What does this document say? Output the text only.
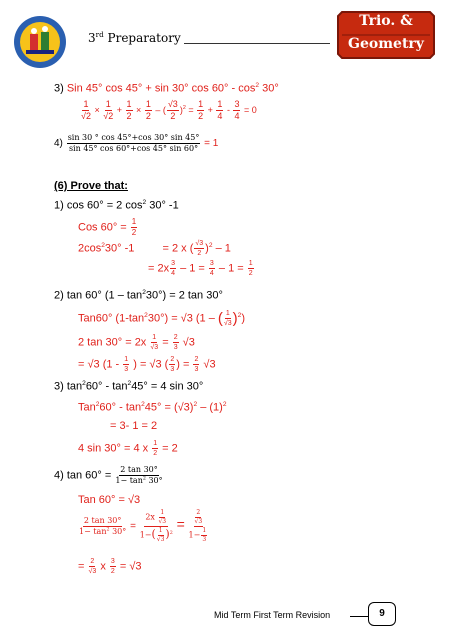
3rd Preparatory
Trio. &
Geometry
3) Sin 45° cos 45° + sin 30° $\cos 60^\circ - \cos^2 30^\circ$
$\frac{1}{√2} \times \frac{1}{√2} + \frac{1}{2} \times \frac{1}{2}$ – ( $\frac{√3}{2} )^2 = \frac{1}{2} + \frac{1}{4} - \frac{3}{4} = 0$
$4) \frac{\sin 30 ^\circ \cos 45^\circ+\cos 30^\circ \sin 45^\circ}{\sin 45^\circ \cos 60^\circ+\cos 45^\circ \sin 60^\circ} = 1$
(6) Prove that:
1) cos 60° = 2 $\cos^2 30^\circ$ -1
Cos $60^\circ = \frac{1}{2}$
$2\cos^230^\circ$ -1	= 2 x ( $\frac{√3}{2} )^2 - 1$
= $2x \frac{3}{4} - 1 = \frac{3}{4} - 1 = \frac{1}{2}$
2) tan 60° $(1 - \tan^230^\circ) = 2$ tan 30°
Tan60° $(1-\tan^230^\circ) = √3$ (1 – ( $\frac{1}{√3} )^2$)
2 $\tan 30^\circ = 2x \frac{1}{√3} = \frac{2}{3} √3$
= √3 ($1 - \frac{1}{3}$ ) = √3 ( $\frac{2}{3}$ ) = $\frac{2}{3} √3$
3) $\tan^260^\circ - \tan^245^\circ = 4$ sin 30°
$Tan^260^\circ - \tan^245^\circ = (√3)^2 - (1)^2$
= 3- 1 = 2
4 sin 30° = 4 x $\frac{1}{2} = 2$
4) $\tan 60^\circ = \frac{2 \tan 30^\circ}{1- \tan^2 30^\circ}$
Tan 60° = √3
$\frac{2 \tan 30^\circ}{1- \tan^2 30^\circ} = \frac{2x \frac{1}{√3}}{1-( \frac{1}{√3} )^2}$ =
2
√3
$1- \frac{1}{3}$
= $\frac{2}{√3}$ x $\frac{3}{2} = √3$
Mid Term First Term Revision	9
